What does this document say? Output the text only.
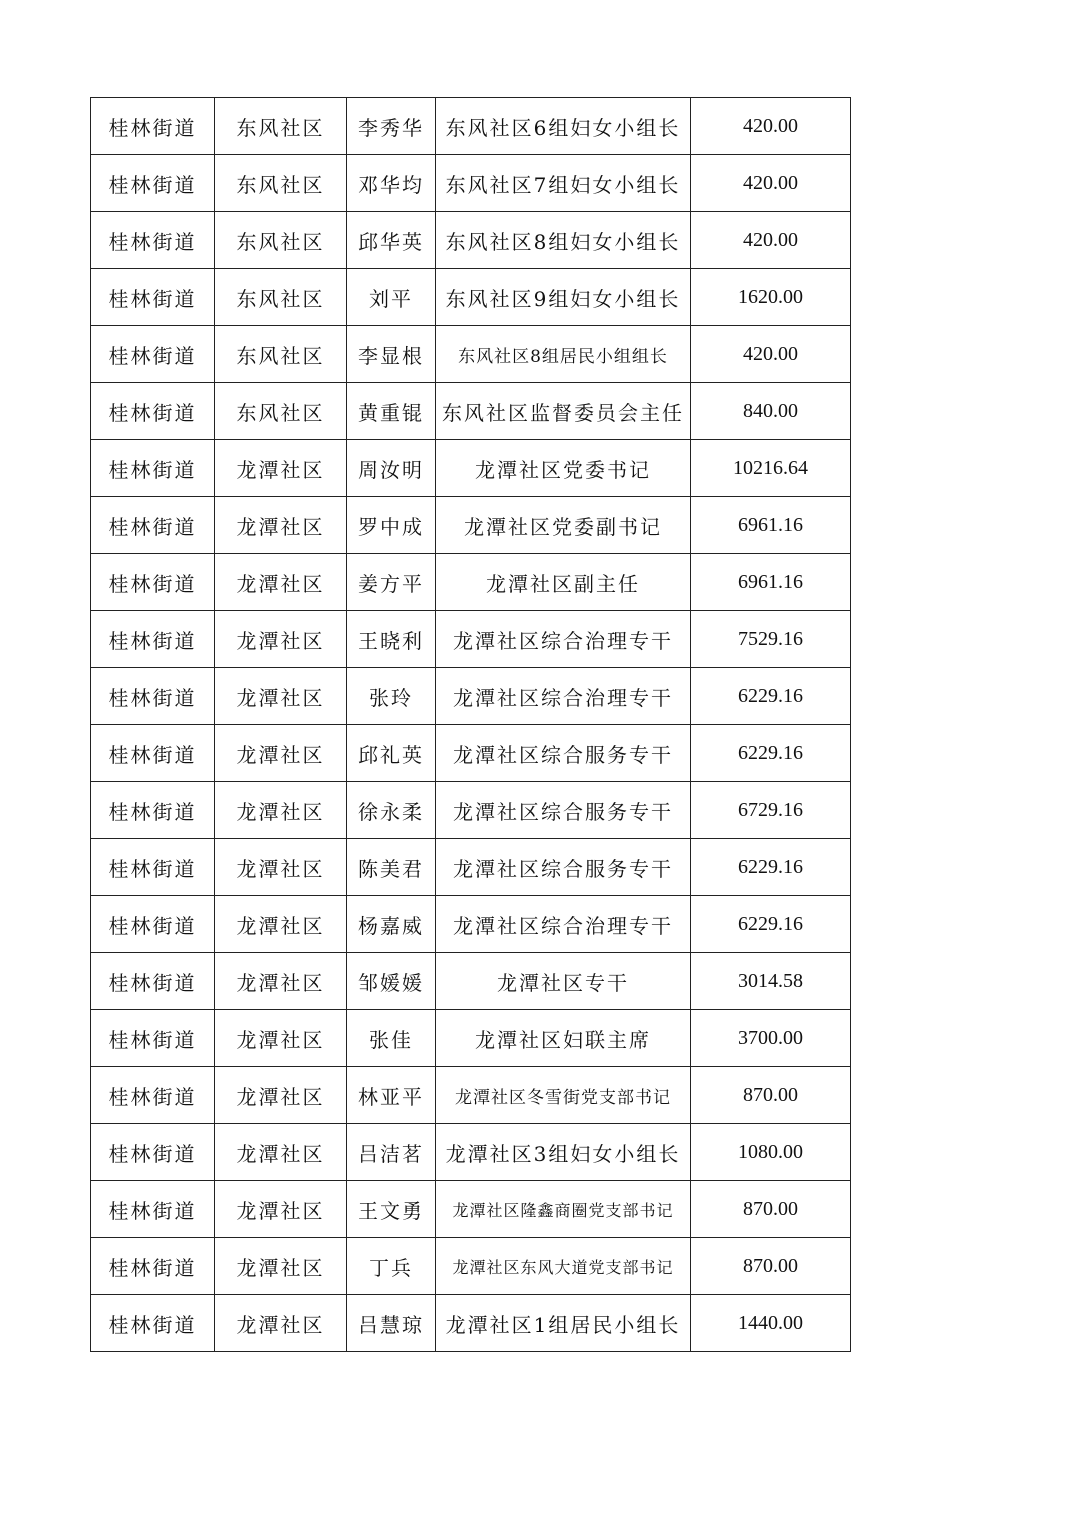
桂林街道	东风社区	李秀华	东风社区6组妇女小组长	420.00
桂林街道	东风社区	邓华均	东风社区7组妇女小组长	420.00
桂林街道	东风社区	邱华英	东风社区8组妇女小组长	420.00
桂林街道	东风社区	刘平	东风社区9组妇女小组长	1620.00
桂林街道	东风社区	李显根	东风社区8组居民小组组长	420.00
桂林街道	东风社区	黄重锟	东风社区监督委员会主任	840.00
桂林街道	龙潭社区	周汝明	龙潭社区党委书记	10216.64
桂林街道	龙潭社区	罗中成	龙潭社区党委副书记	6961.16
桂林街道	龙潭社区	姜方平	龙潭社区副主任	6961.16
桂林街道	龙潭社区	王晓利	龙潭社区综合治理专干	7529.16
桂林街道	龙潭社区	张玲	龙潭社区综合治理专干	6229.16
桂林街道	龙潭社区	邱礼英	龙潭社区综合服务专干	6229.16
桂林街道	龙潭社区	徐永柔	龙潭社区综合服务专干	6729.16
桂林街道	龙潭社区	陈美君	龙潭社区综合服务专干	6229.16
桂林街道	龙潭社区	杨嘉威	龙潭社区综合治理专干	6229.16
桂林街道	龙潭社区	邹媛媛	龙潭社区专干	3014.58
桂林街道	龙潭社区	张佳	龙潭社区妇联主席	3700.00
桂林街道	龙潭社区	林亚平	龙潭社区冬雪街党支部书记	870.00
桂林街道	龙潭社区	吕洁茗	龙潭社区3组妇女小组长	1080.00
桂林街道	龙潭社区	王文勇	龙潭社区隆鑫商圈党支部书记	870.00
桂林街道	龙潭社区	丁兵	龙潭社区东风大道党支部书记	870.00
桂林街道	龙潭社区	吕慧琼	龙潭社区1组居民小组长	1440.00
